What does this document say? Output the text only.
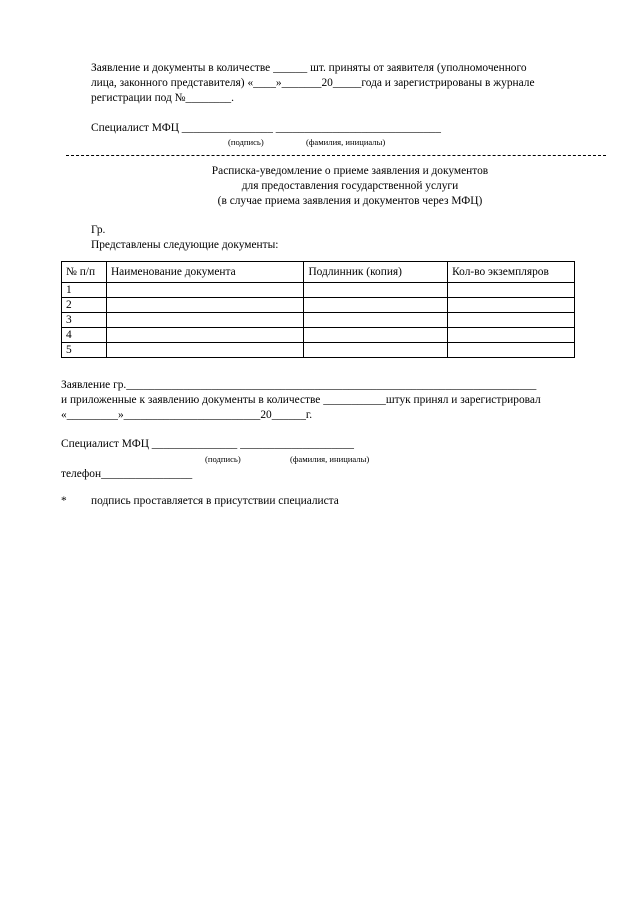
Заявление и документы в количестве ______ шт. приняты от заявителя (уполномоченного
лица, законного представителя) «____»_______20_____года и зарегистрированы в журнале
регистрации под №________.
Специалист МФЦ ________________ _____________________________
(подпись)	(фамилия, инициалы)
Расписка-уведомление о приеме заявления и документов
для предоставления государственной услуги
(в случае приема заявления и документов через МФЦ)
Гр.
Представлены следующие документы:
№ п/п	Наименование документа	Подлинник (копия)	Кол-во экземпляров
1			
2			
3			
4			
5			
Заявление гр.________________________________________________________________________
и приложенные к заявлению документы в количестве ___________штук принял и зарегистрировал
«_________»________________________20______г.
Специалист МФЦ _______________ ____________________
(подпись)	(фамилия, инициалы)
телефон________________
* подпись проставляется в присутствии специалиста
